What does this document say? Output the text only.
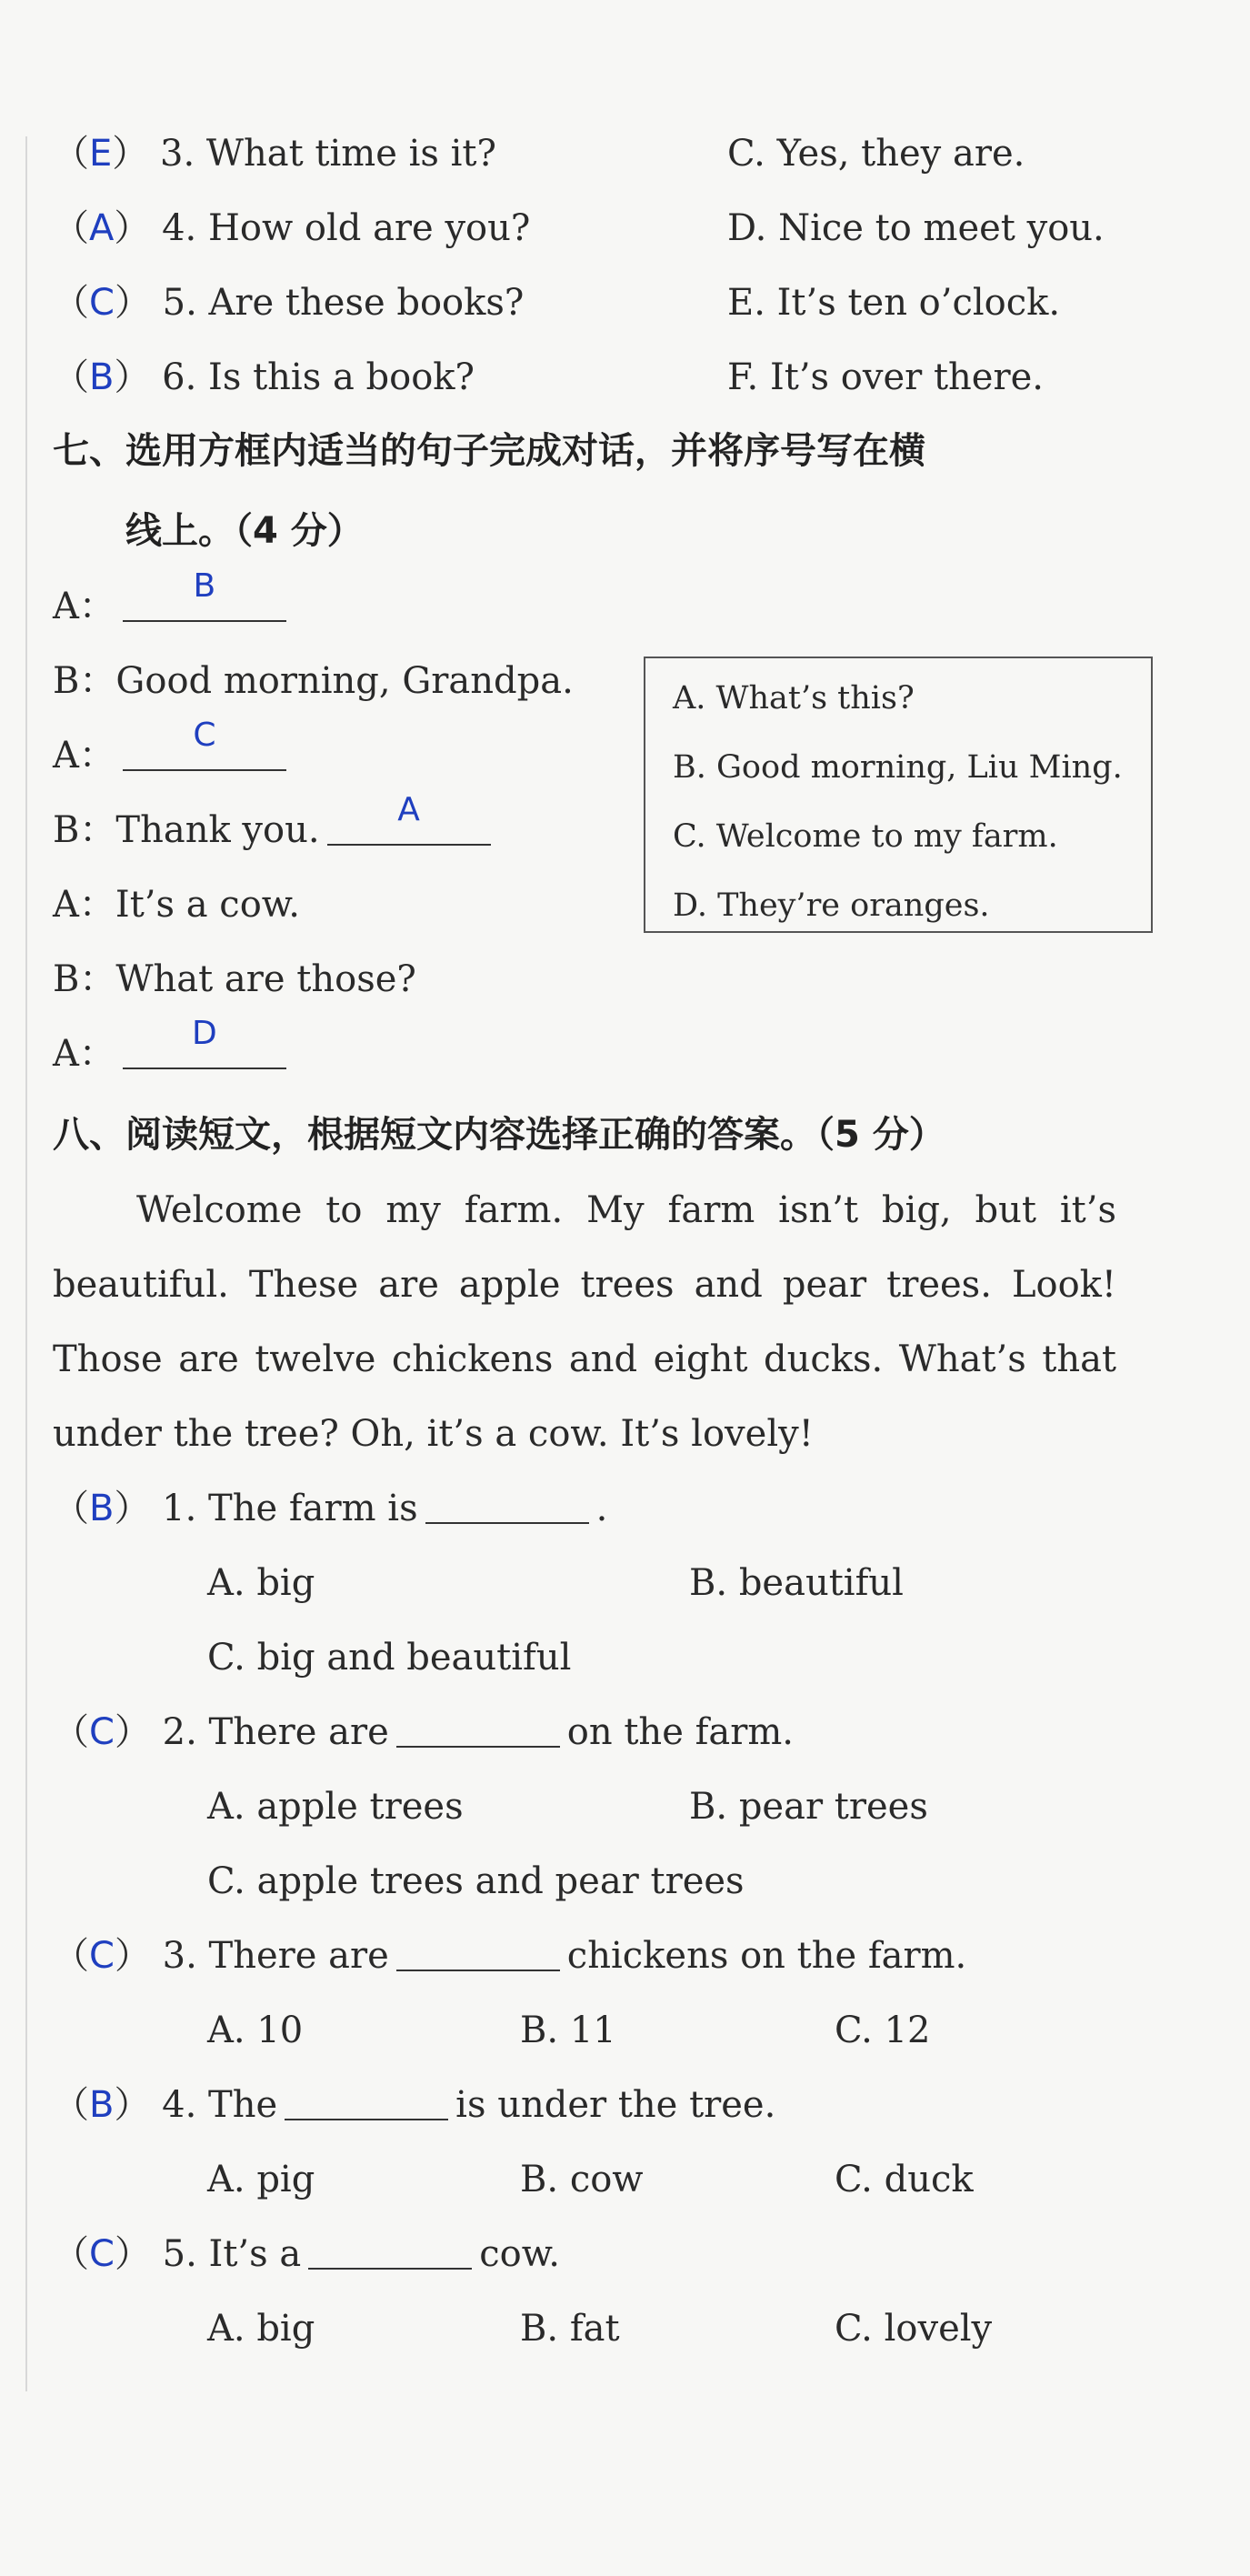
（E） 3. What time is it?	C. Yes, they are.
（A） 4. How old are you?	D. Nice to meet you.
（C） 5. Are these books?	E. It’s ten o’clock.
（B） 6. Is this a book?	F. It’s over there.
七、选用方框内适当的句子完成对话，并将序号写在横
线上。（4 分）
A：	B
B：Good morning, Grandpa.
A：	C
B：Thank you.	A
A：It’s a cow.
B：What are those?
A：	D
A. What’s this?
B. Good morning, Liu Ming.
C. Welcome to my farm.
D. They’re oranges.
八、阅读短文，根据短文内容选择正确的答案。（5 分）
Welcome to my farm. My farm isn’t big, but it’s beautiful. These are apple trees and pear trees. Look! Those are twelve chickens and eight ducks. What’s that under the tree? Oh, it’s a cow. It’s lovely!
（B） 1. The farm is	.
A. big	B. beautiful
C. big and beautiful
（C） 2. There are	on the farm.
A. apple trees	B. pear trees
C. apple trees and pear trees
（C） 3. There are	chickens on the farm.
A. 10	B. 11	C. 12
（B） 4. The	is under the tree.
A. pig	B. cow	C. duck
（C） 5. It’s a	cow.
A. big	B. fat	C. lovely
